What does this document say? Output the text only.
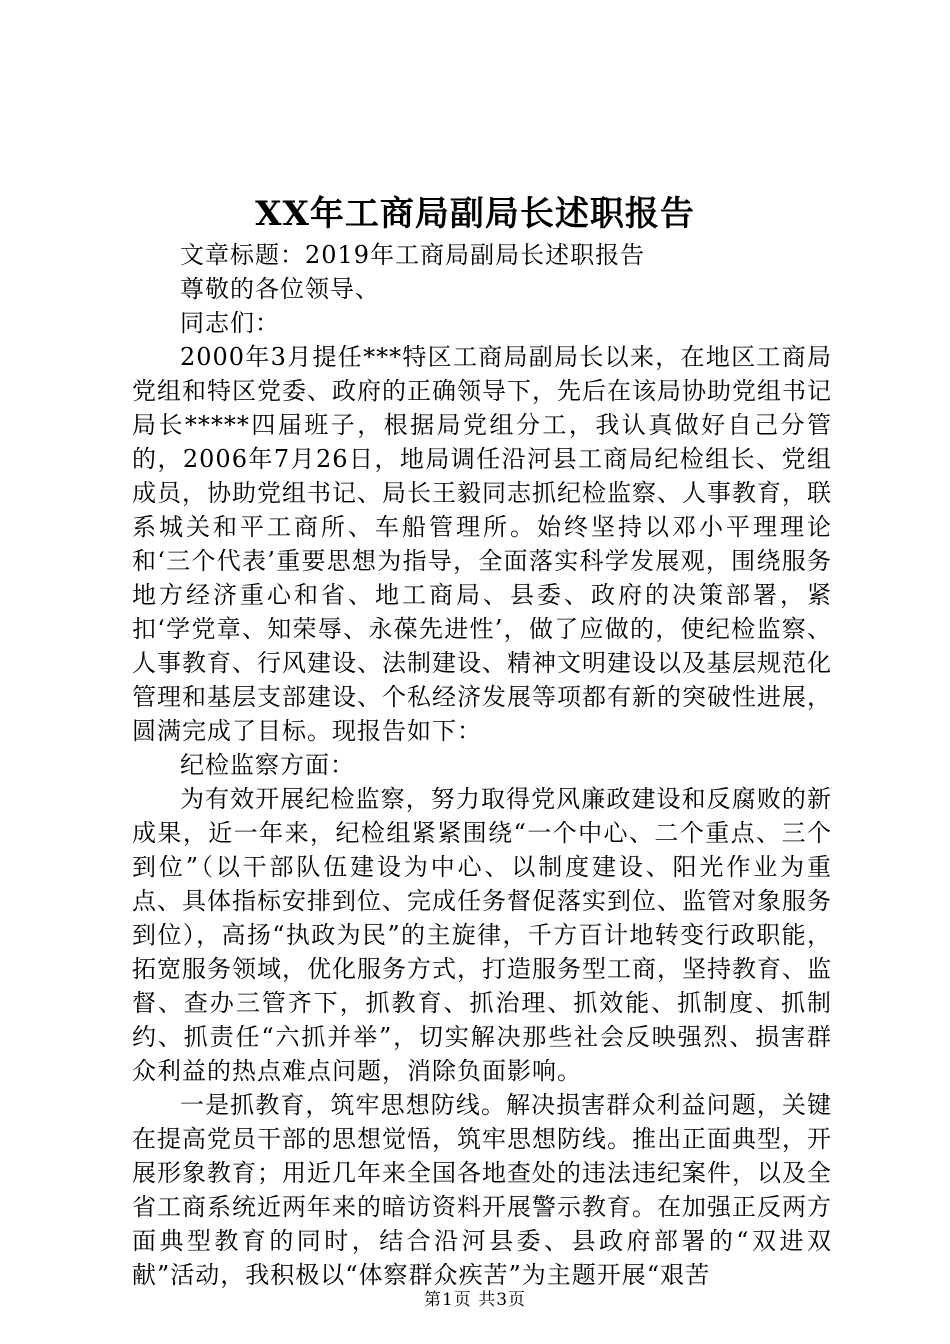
XX年工商局副局长述职报告

文章标题：2019年工商局副局长述职报告

尊敬的各位领导、

同志们：

2000年3月提任***特区工商局副局长以来，在地区工商局党组和特区党委、政府的正确领导下，先后在该局协助党组书记局长*****四届班子，根据局党组分工，我认真做好自己分管的，2006年7月26日，地局调任沿河县工商局纪检组长、党组成员，协助党组书记、局长王毅同志抓纪检监察、人事教育，联系城关和平工商所、车船管理所。始终坚持以邓小平理理论和‘三个代表’重要思想为指导，全面落实科学发展观，围绕服务地方经济重心和省、地工商局、县委、政府的决策部署，紧扣‘学党章、知荣辱、永葆先进性’，做了应做的，使纪检监察、人事教育、行风建设、法制建设、精神文明建设以及基层规范化管理和基层支部建设、个私经济发展等项都有新的突破性进展，圆满完成了目标。现报告如下：

纪检监察方面：

为有效开展纪检监察，努力取得党风廉政建设和反腐败的新成果，近一年来，纪检组紧紧围绕“一个中心、二个重点、三个到位”（以干部队伍建设为中心、以制度建设、阳光作业为重点、具体指标安排到位、完成任务督促落实到位、监管对象服务到位），高扬“执政为民”的主旋律，千方百计地转变行政职能，拓宽服务领域，优化服务方式，打造服务型工商，坚持教育、监督、查办三管齐下，抓教育、抓治理、抓效能、抓制度、抓制约、抓责任“六抓并举”，切实解决那些社会反映强烈、损害群众利益的热点难点问题，消除负面影响。

一是抓教育，筑牢思想防线。解决损害群众利益问题，关键在提高党员干部的思想觉悟，筑牢思想防线。推出正面典型，开展形象教育；用近几年来全国各地查处的违法违纪案件，以及全省工商系统近两年来的暗访资料开展警示教育。在加强正反两方面典型教育的同时，结合沿河县委、县政府部署的“双进双献”活动，我积极以“体察群众疾苦”为主题开展“艰苦

第1页 共3页
